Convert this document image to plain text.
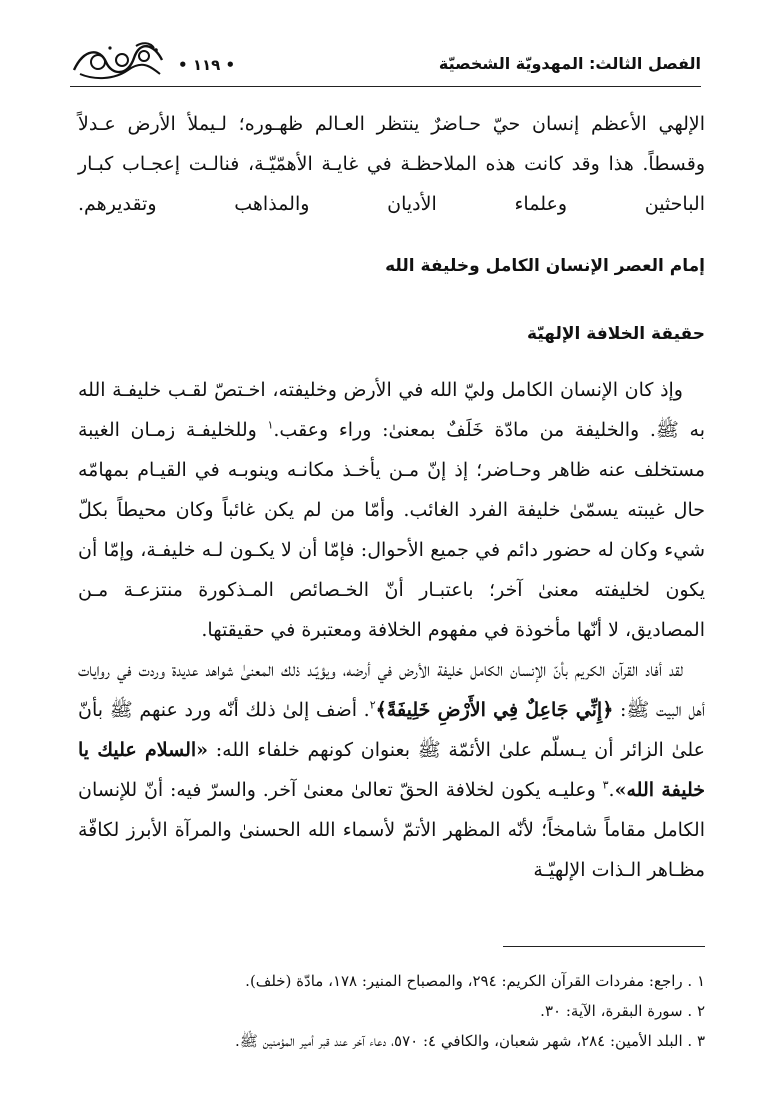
الفصل الثالث: المهدويّة الشخصيّة
• ١١٩ •

الإلهي الأعظم إنسان حيّ حـاضرٌ ينتظر العـالم ظهـوره؛ لـيملأ الأرض عـدلاً وقسطاً. هذا وقد كانت هذه الملاحظـة في غايـة الأهمّيّـة، فنالـت إعجـاب كبـار الباحثين وعلماء الأديان والمذاهب وتقديرهم.

إمام العصر الإنسان الكامل وخليفة الله
حقيقة الخلافة الإلهيّة

وإذ كان الإنسان الكامل وليّ الله في الأرض وخليفته، اخـتصّ لقـب خليفـة الله به ﷺ. والخليفة من مادّة خَلَفٌ بمعنىٰ: وراء وعقب.$^١$ وللخليفـة زمـان الغيبة مستخلف عنه ظاهر وحـاضر؛ إذ إنّ مـن يأخـذ مكانـه وينوبـه في القيـام بمهامّه حال غيبته يسمّىٰ خليفة الفرد الغائب. وأمّا من لم يكن غائباً وكان محيطاً بكلّ شيء وكان له حضور دائم في جميع الأحوال: فإمّا أن لا يكـون لـه خليفـة، وإمّا أن يكون لخليفته معنىٰ آخر؛ باعتبـار أنّ الخـصائص المـذكورة منتزعـة مـن المصاديق، لا أنّها مأخوذة في مفهوم الخلافة ومعتبرة في حقيقتها.

لقد أفاد القرآن الكريم بأنّ الإنسان الكامل خليفة الأرض في أرضه، ويؤيّـد ذلك المعنىٰ شواهد عديدة وردت في روايات أهل البيت ﷺ: ﴿إِنِّي جَاعِلٌ فِي الأَرْضِ خَلِيفَةً﴾$^٢$. أضف إلىٰ ذلك أنّه ورد عنهم ﷺ بأنّ علىٰ الزائر أن يـسلّم علىٰ الأئمّة ﷺ بعنوان كونهم خلفاء الله: «السلام عليك يا خليفة الله».$^٣$ وعليـه يكون لخلافة الحقّ تعالىٰ معنىٰ آخر. والسرّ فيه: أنّ للإنسان الكامل مقاماً شامخاً؛ لأنّه المظهر الأتمّ لأسماء الله الحسنىٰ والمرآة الأبرز لكافّة مظـاهر الـذات الإلهيّـة

١ . راجع: مفردات القرآن الكريم: ٢٩٤، والمصباح المنير: ١٧٨، مادّة (خلف).

٢ . سورة البقرة، الآية: ٣٠.

٣ . البلد الأمين: ٢٨٤، شهر شعبان، والكافي ٤: ٥٧٠، دعاء آخر عند قبر أمير المؤمنين ﷺ.
